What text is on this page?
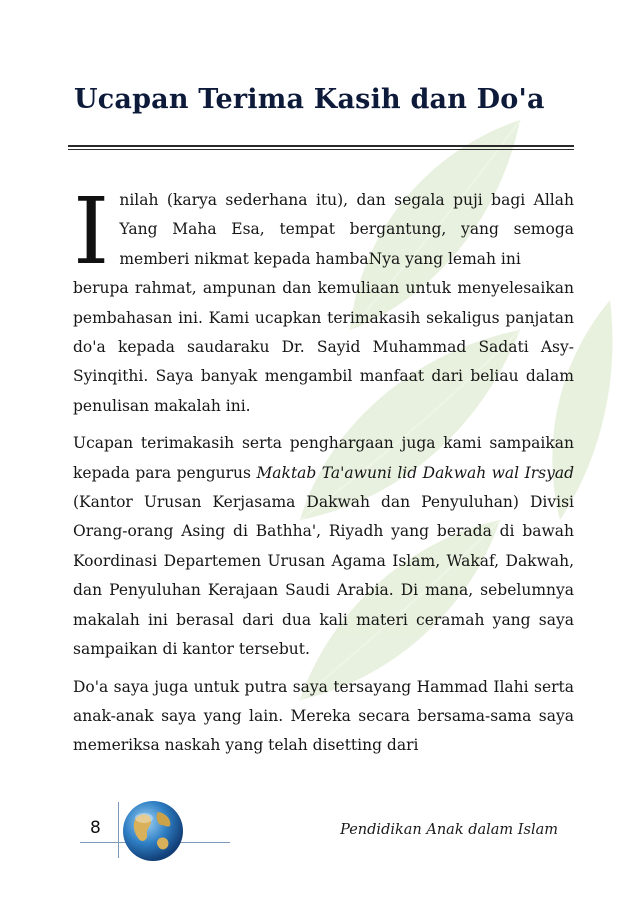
Ucapan Terima Kasih dan Do'a
I nilah (karya sederhana itu), dan segala puji bagi Allah Yang Maha Esa, tempat bergantung, yang semoga memberi nikmat kepada hambaNya yang lemah ini
berupa rahmat, ampunan dan kemuliaan untuk menyelesaikan pembahasan ini. Kami ucapkan terimakasih sekaligus panjatan do'a kepada saudaraku Dr. Sayid Muhammad Sadati Asy-Syinqithi. Saya banyak mengambil manfaat dari beliau dalam penulisan makalah ini.

Ucapan terimakasih serta penghargaan juga kami sampaikan kepada para pengurus Maktab Ta'awuni lid Dakwah wal Irsyad (Kantor Urusan Kerjasama Dakwah dan Penyuluhan) Divisi Orang-orang Asing di Bathha', Riyadh yang berada di bawah Koordinasi Departemen Urusan Agama Islam, Wakaf, Dakwah, dan Penyuluhan Kerajaan Saudi Arabia. Di mana, sebelumnya makalah ini berasal dari dua kali materi ceramah yang saya sampaikan di kantor tersebut.

Do'a saya juga untuk putra saya tersayang Hammad Ilahi serta anak-anak saya yang lain. Mereka secara bersama-sama saya memeriksa naskah yang telah disetting dari

8	Pendidikan Anak dalam Islam
